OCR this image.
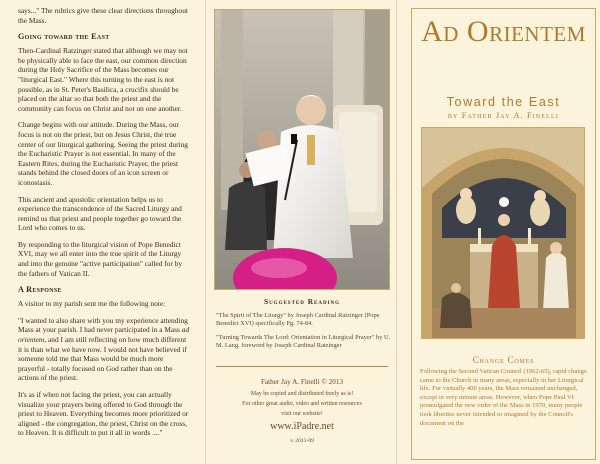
says..." The rubrics give these clear directions throughout the Mass.

Going toward the East

Then-Cardinal Ratzinger stated that although we may not be physically able to face the east, our common direction during the Holy Sacrifice of the Mass becomes our "liturgical East." Where this turning to the east is not possible, as in St. Peter's Basilica, a crucifix should be placed on the altar so that both the priest and the community can focus on Christ and not on one another.

Change begins with our attitude. During the Mass, our focus is not on the priest, but on Jesus Christ, the true center of our liturgical gathering. Seeing the priest during the Eucharistic Prayer is not essential. In many of the Eastern Rites, during the Eucharistic Prayer, the priest stands behind the closed doors of an icon screen or iconostasis.

This ancient and apostolic orientation helps us to experience the transcendence of the Sacred Liturgy and remind us that priest and people together go toward the Lord who comes to us.

By responding to the liturgical vision of Pope Benedict XVI, may we all enter into the true spirit of the Liturgy and into the genuine "active participation" called for by the fathers of Vatican II.

A Response

A visitor to my parish sent me the following note:

"I wanted to also share with you my experience attending Mass at your parish. I had never participated in a Mass ad orientem, and I am still reflecting on how much different it is than what we have now. I would not have believed if someone told me that Mass would be much more prayerful - totally focused on God rather than on the actions of the priest.

It's as if when not facing the priest, you can actually visualize your prayers being offered to God through the priest to Heaven. Everything becomes more prioritized or aligned - the congregation, the priest, Christ on the cross, to Heaven. It is difficult to put it all in words ...."

Suggested Reading
"The Spirit of The Liturgy" by Joseph Cardinal Ratzinger (Pope Benedict XVI) specifically Pg. 74-84.
"Turning Towards The Lord: Orientation in Liturgical Prayer" by U. M. Lang, foreword by Joseph Cardinal Ratzinger
Father Jay A. Finelli © 2013
May be copied and distributed freely as is!
For other great audio, video and written resources
visit our website!
www.iPadre.net
v. 2013-09
Ad Orientem
Toward the East
by Father Jay A. Finelli
Change Comes
Following the Second Vatican Council (1962-65), rapid change came to the Church in many areas, especially in her Liturgical life. For virtually 400 years, the Mass remained unchanged, except in very minute areas. However, when Pope Paul VI promulgated the new order of the Mass in 1970, many people took liberties never intended or imagined by the Council's document on the
